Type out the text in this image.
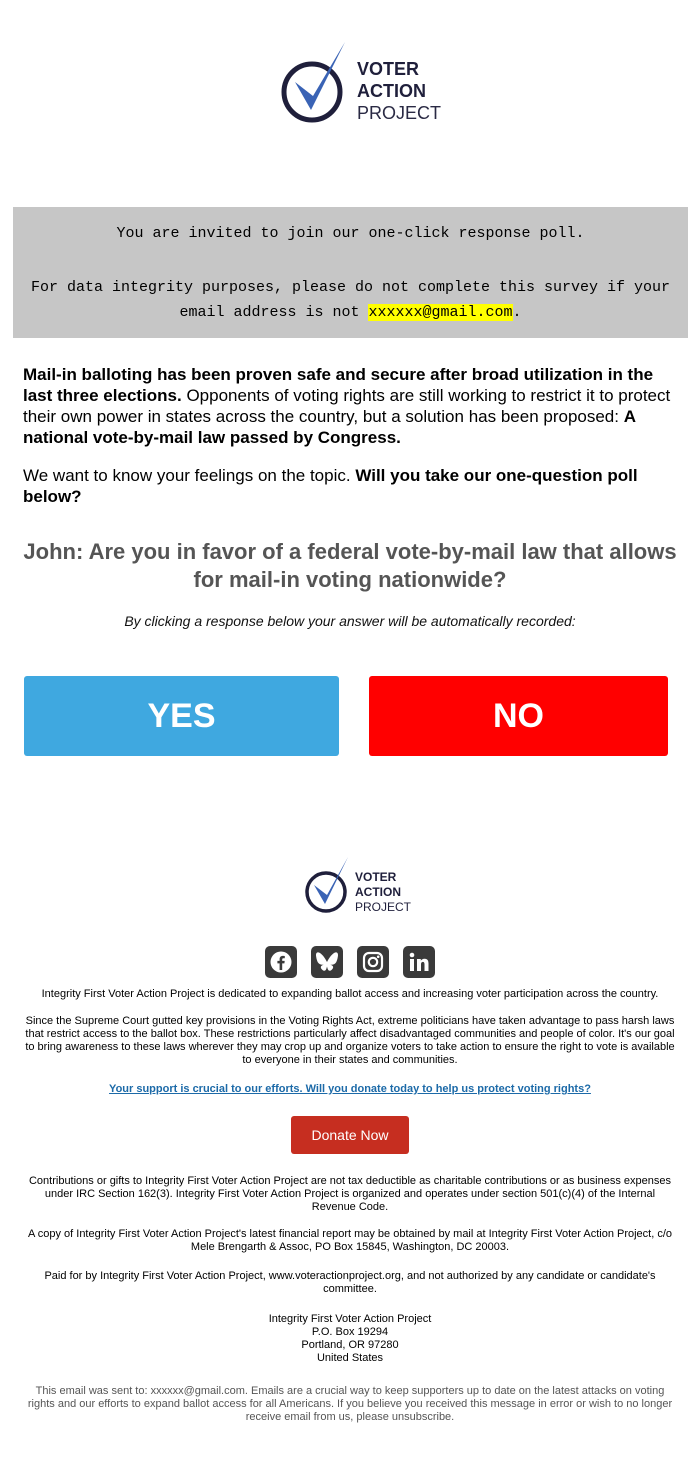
VOTER
ACTION
PROJECT

You are invited to join our one-click response poll.

For data integrity purposes, please do not complete this survey if your email address is not xxxxxx@gmail.com.

Mail-in balloting has been proven safe and secure after broad utilization in the last three elections. Opponents of voting rights are still working to restrict it to protect their own power in states across the country, but a solution has been proposed: A national vote-by-mail law passed by Congress.

We want to know your feelings on the topic. Will you take our one-question poll below?

John: Are you in favor of a federal vote-by-mail law that allows for mail-in voting nationwide?

By clicking a response below your answer will be automatically recorded:

YES	NO
VOTER
ACTION
PROJECT

Integrity First Voter Action Project is dedicated to expanding ballot access and increasing voter participation across the country.

Since the Supreme Court gutted key provisions in the Voting Rights Act, extreme politicians have taken advantage to pass harsh laws that restrict access to the ballot box. These restrictions particularly affect disadvantaged communities and people of color. It's our goal to bring awareness to these laws wherever they may crop up and organize voters to take action to ensure the right to vote is available to everyone in their states and communities.

Your support is crucial to our efforts. Will you donate today to help us protect voting rights?

Donate Now

Contributions or gifts to Integrity First Voter Action Project are not tax deductible as charitable contributions or as business expenses under IRC Section 162(3). Integrity First Voter Action Project is organized and operates under section 501(c)(4) of the Internal Revenue Code.

A copy of Integrity First Voter Action Project's latest financial report may be obtained by mail at Integrity First Voter Action Project, c/o Mele Brengarth & Assoc, PO Box 15845, Washington, DC 20003.

Paid for by Integrity First Voter Action Project, www.voteractionproject.org, and not authorized by any candidate or candidate's committee.

Integrity First Voter Action Project
P.O. Box 19294
Portland, OR 97280
United States

This email was sent to: xxxxxx@gmail.com. Emails are a crucial way to keep supporters up to date on the latest attacks on voting rights and our efforts to expand ballot access for all Americans. If you believe you received this message in error or wish to no longer receive email from us, please unsubscribe.
